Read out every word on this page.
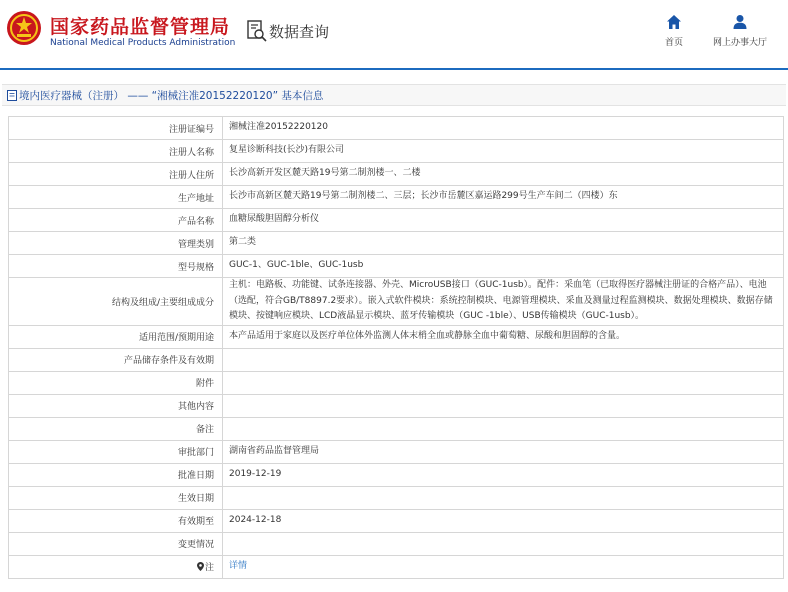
国家药品监督管理局
National Medical Products Administration
数据查询
首页	网上办事大厅
境内医疗器械（注册） —— “湘械注准20152220120” 基本信息
注册证编号	湘械注准20152220120
注册人名称	复星诊断科技(长沙)有限公司
注册人住所	长沙高新开发区麓天路19号第二制剂楼一、二楼
生产地址	长沙市高新区麓天路19号第二制剂楼二、三层；长沙市岳麓区嘉运路299号生产车间二（四楼）东
产品名称	血糖尿酸胆固醇分析仪
管理类别	第二类
型号规格	GUC-1、GUC-1ble、GUC-1usb
结构及组成/主要组成成分	主机：电路板、功能键、试条连接器、外壳、MicroUSB接口（GUC-1usb）。配件：采血笔（已取得医疗器械注册证的合格产品）、电池（选配，符合GB/T8897.2要求）。嵌入式软件模块：系统控制模块、电源管理模块、采血及测量过程监测模块、数据处理模块、数据存储模块、按键响应模块、LCD液晶显示模块、蓝牙传输模块（GUC -1ble）、USB传输模块（GUC-1usb）。
适用范围/预期用途	本产品适用于家庭以及医疗单位体外监测人体末梢全血或静脉全血中葡萄糖、尿酸和胆固醇的含量。
产品储存条件及有效期	
附件	
其他内容	
备注	
审批部门	湖南省药品监督管理局
批准日期	2019-12-19
生效日期	
有效期至	2024-12-18
变更情况	
注	详情
